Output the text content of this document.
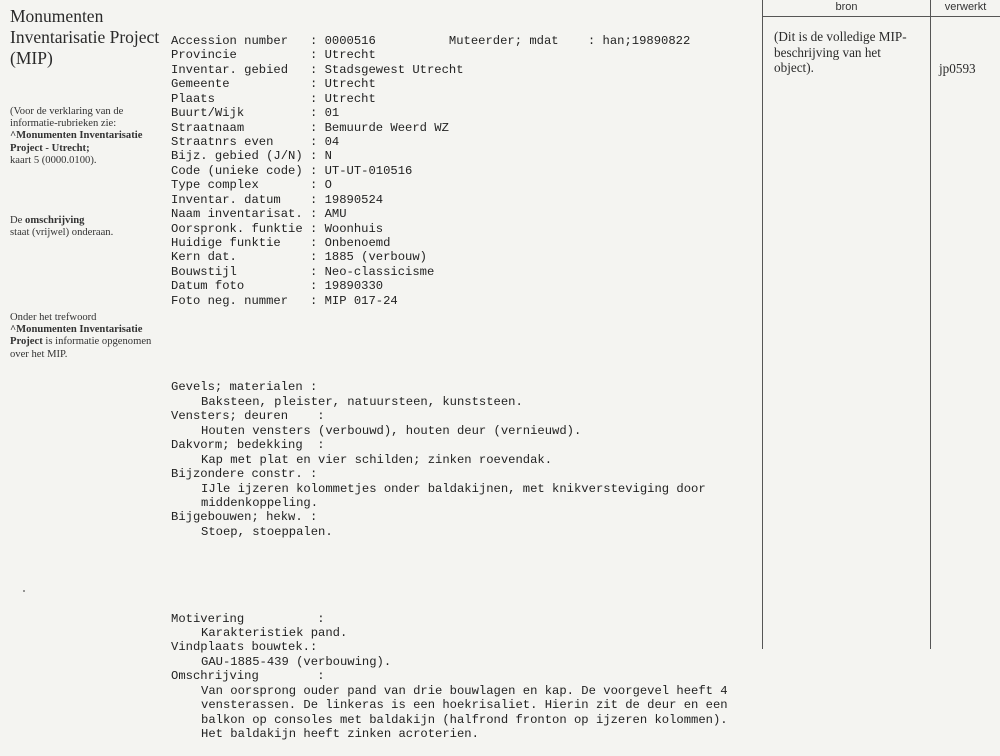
Monumenten Inventarisatie Project (MIP)
(Voor de verklaring van de informatie-rubrieken zie:
^Monumenten Inventarisatie Project - Utrecht;
kaart 5 (0000.0100).
De omschrijving
staat (vrijwel) onderaan.
Onder het trefwoord
^Monumenten Inventarisatie Project is informatie opgenomen over het MIP.

Accession number   : 0000516          Muteerder; mdat    : han;19890822
Provincie          : Utrecht
Inventar. gebied   : Stadsgewest Utrecht
Gemeente           : Utrecht
Plaats             : Utrecht
Buurt/Wijk         : 01
Straatnaam         : Bemuurde Weerd WZ
Straatnrs even     : 04
Bijz. gebied (J/N) : N
Code (unieke code) : UT-UT-010516
Type complex       : O
Inventar. datum    : 19890524
Naam inventarisat. : AMU
Oorspronk. funktie : Woonhuis
Huidige funktie    : Onbenoemd
Kern dat.          : 1885 (verbouw)
Bouwstijl          : Neo-classicisme
Datum foto         : 19890330
Foto neg. nummer   : MIP 017-24

Gevels; materialen :
Baksteen, pleister, natuursteen, kunststeen.
Vensters; deuren    :
Houten vensters (verbouwd), houten deur (vernieuwd).
Dakvorm; bedekking  :
Kap met plat en vier schilden; zinken roevendak.
Bijzondere constr. :
IJle ijzeren kolommetjes onder baldakijnen, met knikversteviging door
middenkoppeling.
Bijgebouwen; hekw. :
Stoep, stoeppalen.

Motivering          :
Karakteristiek pand.
Vindplaats bouwtek.:
GAU-1885-439 (verbouwing).
Omschrijving        :
Van oorsprong ouder pand van drie bouwlagen en kap. De voorgevel heeft 4
vensterassen. De linkeras is een hoekrisaliet. Hierin zit de deur en een
balkon op consoles met baldakijn (halfrond fronton op ijzeren kolommen).
Het baldakijn heeft zinken acroterien.

bron	verwerkt
(Dit is de volledige MIP-beschrijving van het object).	jp0593
